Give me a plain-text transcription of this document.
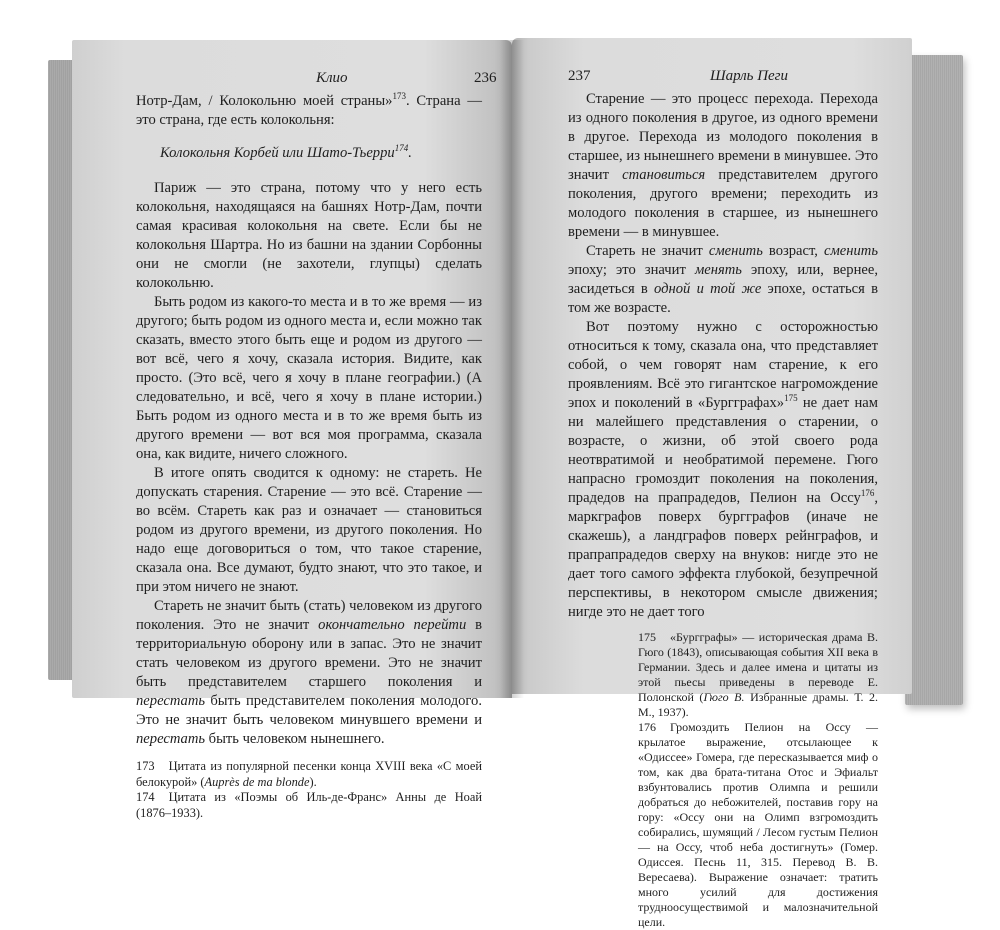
Клио	236

Нотр-Дам, / Колокольню моей страны»$^{173}$. Страна — это страна, где есть колокольня:

Колокольня Корбей или Шато-Тьерри$^{174}$.

Париж — это страна, потому что у него есть колокольня, находящаяся на башнях Нотр-Дам, почти самая красивая колокольня на свете. Если бы не колокольня Шартра. Но из башни на здании Сорбонны они не смогли (не захотели, глупцы) сделать колокольню.

Быть родом из какого-то места и в то же время — из другого; быть родом из одного места и, если можно так сказать, вместо этого быть еще и родом из другого — вот всё, чего я хочу, сказала история. Видите, как просто. (Это всё, чего я хочу в плане географии.) (А следовательно, и всё, чего я хочу в плане истории.) Быть родом из одного места и в то же время быть из другого времени — вот вся моя программа, сказала она, как видите, ничего сложного.

В итоге опять сводится к одному: не стареть. Не допускать старения. Старение — это всё. Старение — во всём. Стареть как раз и означает — становиться родом из другого времени, из другого поколения. Но надо еще договориться о том, что такое старение, сказала она. Все думают, будто знают, что это такое, и при этом ничего не знают.

Стареть не значит быть (стать) человеком из другого поколения. Это не значит окончательно перейти в территориальную оборону или в запас. Это не значит стать человеком из другого времени. Это не значит быть представителем старшего поколения и перестать быть представителем поколения молодого. Это не значит быть человеком минувшего времени и перестать быть человеком нынешнего.

173 Цитата из популярной песенки конца XVIII века «С моей белокурой» (Auprès de ma blonde).

174 Цитата из «Поэмы об Иль-де-Франс» Анны де Ноай (1876–1933).

237	Шарль Пеги

Старение — это процесс перехода. Перехода из одного поколения в другое, из одного времени в другое. Перехода из молодого поколения в старшее, из нынешнего времени в минувшее. Это значит становиться представителем другого поколения, другого времени; переходить из молодого поколения в старшее, из нынешнего времени — в минувшее.

Стареть не значит сменить возраст, сменить эпоху; это значит менять эпоху, или, вернее, засидеться в одной и той же эпохе, остаться в том же возрасте.

Вот поэтому нужно с осторожностью относиться к тому, сказала она, что представляет собой, о чем говорят нам старение, к его проявлениям. Всё это гигантское нагромождение эпох и поколений в «Бургграфах»$^{175}$ не дает нам ни малейшего представления о старении, о возрасте, о жизни, об этой своего рода неотвратимой и необратимой перемене. Гюго напрасно громоздит поколения на поколения, прадедов на прапрадедов, Пелион на Оссу$^{176}$, маркграфов поверх бургграфов (иначе не скажешь), а ландграфов поверх рейнграфов, и прапрапрадедов сверху на внуков: нигде это не дает того самого эффекта глубокой, безупречной перспективы, в некотором смысле движения; нигде это не дает того

175 «Бургграфы» — историческая драма В. Гюго (1843), описывающая события XII века в Германии. Здесь и далее имена и цитаты из этой пьесы приведены в переводе Е. Полонской (Гюго В. Избранные драмы. Т. 2. М., 1937).

176 Громоздить Пелион на Оссу — крылатое выражение, отсылающее к «Одиссее» Гомера, где пересказывается миф о том, как два брата-титана Отос и Эфиальт взбунтовались против Олимпа и решили добраться до небожителей, поставив гору на гору: «Оссу они на Олимп взгромоздить собирались, шумящий / Лесом густым Пелион — на Оссу, чтоб неба достигнуть» (Гомер. Одиссея. Песнь 11, 315. Перевод В. В. Вересаева). Выражение означает: тратить много усилий для достижения трудноосуществимой и малозначительной цели.
